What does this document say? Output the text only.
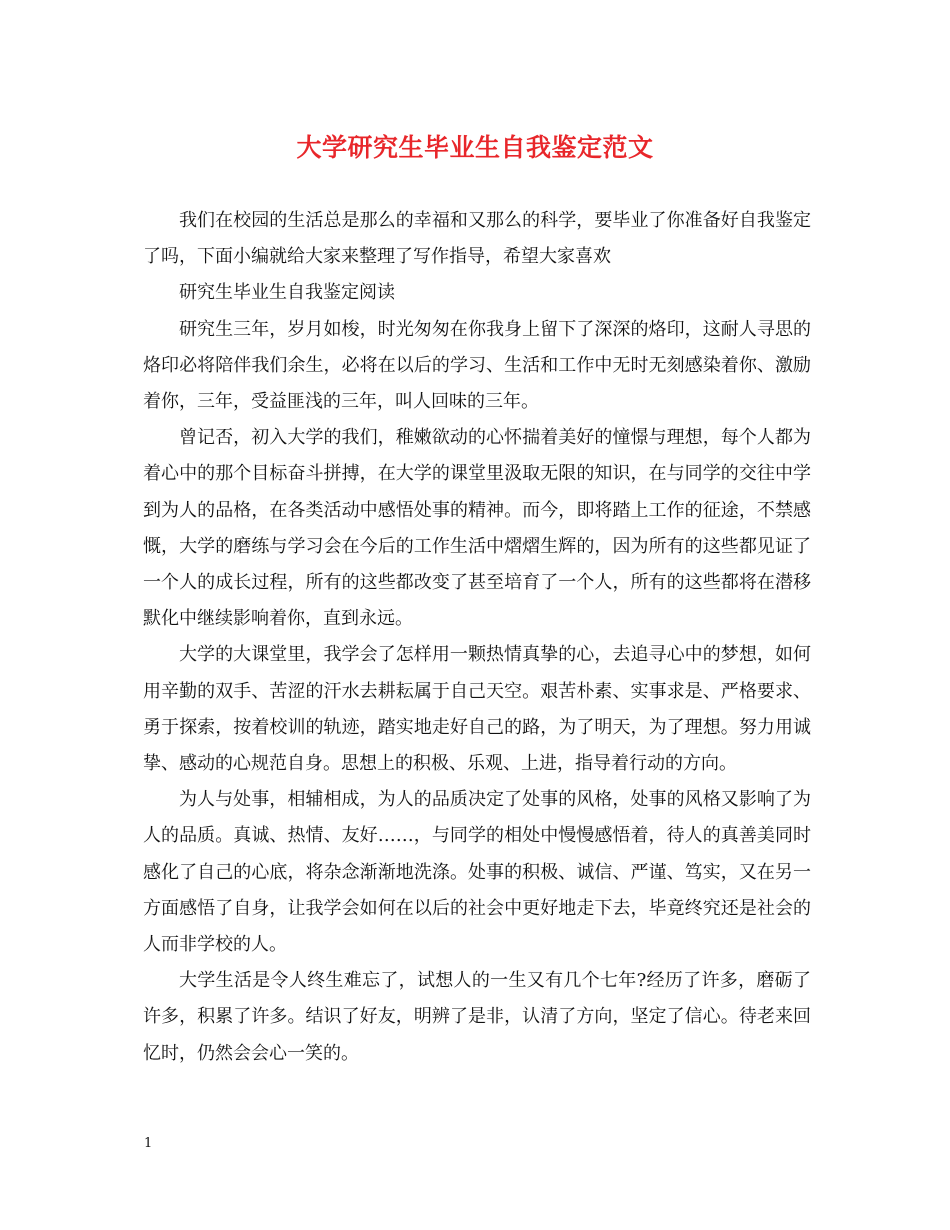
大学研究生毕业生自我鉴定范文

我们在校园的生活总是那么的幸福和又那么的科学，要毕业了你准备好自我鉴定了吗，下面小编就给大家来整理了写作指导，希望大家喜欢

研究生毕业生自我鉴定阅读

研究生三年，岁月如梭，时光匆匆在你我身上留下了深深的烙印，这耐人寻思的烙印必将陪伴我们余生，必将在以后的学习、生活和工作中无时无刻感染着你、激励着你，三年，受益匪浅的三年，叫人回味的三年。

曾记否，初入大学的我们，稚嫩欲动的心怀揣着美好的憧憬与理想，每个人都为着心中的那个目标奋斗拼搏，在大学的课堂里汲取无限的知识，在与同学的交往中学到为人的品格，在各类活动中感悟处事的精神。而今，即将踏上工作的征途，不禁感慨，大学的磨练与学习会在今后的工作生活中熠熠生辉的，因为所有的这些都见证了一个人的成长过程，所有的这些都改变了甚至培育了一个人，所有的这些都将在潜移默化中继续影响着你，直到永远。

大学的大课堂里，我学会了怎样用一颗热情真挚的心，去追寻心中的梦想，如何用辛勤的双手、苦涩的汗水去耕耘属于自己天空。艰苦朴素、实事求是、严格要求、勇于探索，按着校训的轨迹，踏实地走好自己的路，为了明天，为了理想。努力用诚挚、感动的心规范自身。思想上的积极、乐观、上进，指导着行动的方向。

为人与处事，相辅相成，为人的品质决定了处事的风格，处事的风格又影响了为人的品质。真诚、热情、友好……，与同学的相处中慢慢感悟着，待人的真善美同时感化了自己的心底，将杂念渐渐地洗涤。处事的积极、诚信、严谨、笃实，又在另一方面感悟了自身，让我学会如何在以后的社会中更好地走下去，毕竟终究还是社会的人而非学校的人。

大学生活是令人终生难忘了，试想人的一生又有几个七年?经历了许多，磨砺了许多，积累了许多。结识了好友，明辨了是非，认清了方向，坚定了信心。待老来回忆时，仍然会会心一笑的。

1
